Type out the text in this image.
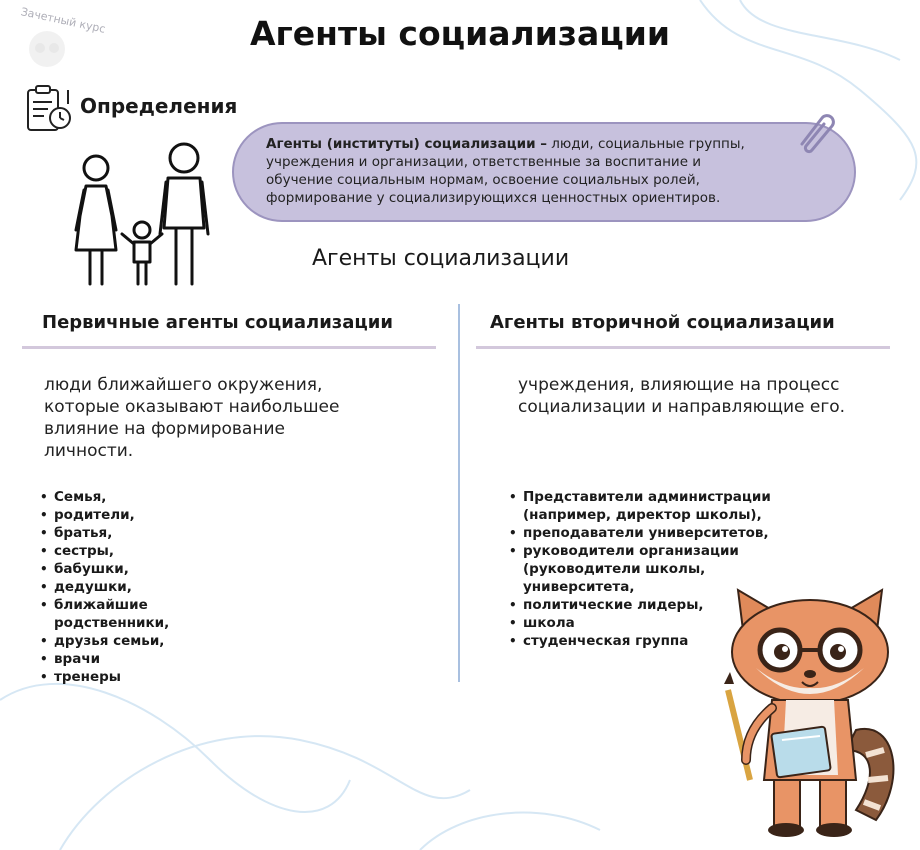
Зачетный курс	Агенты социализации
Определения
Агенты (институты) социализации – люди, социальные группы,
учреждения и организации, ответственные за воспитание и
обучение социальным нормам, освоение социальных ролей,
формирование у социализирующихся ценностных ориентиров.
Агенты социализации
Первичные агенты социализации	Агенты вторичной социализации
люди ближайшего окружения,
которые оказывают наибольшее
влияние на формирование
личности.
учреждения, влияющие на процесс
социализации и направляющие его.
• Семья,
• родители,
• братья,
• сестры,
• бабушки,
• дедушки,
• ближайшие родственники,
• друзья семьи,
• врачи
• тренеры
• Представители администрации (например, директор школы),
• преподаватели университетов,
• руководители организации (руководители школы, университета,
• политические лидеры,
• школа
• студенческая группа
